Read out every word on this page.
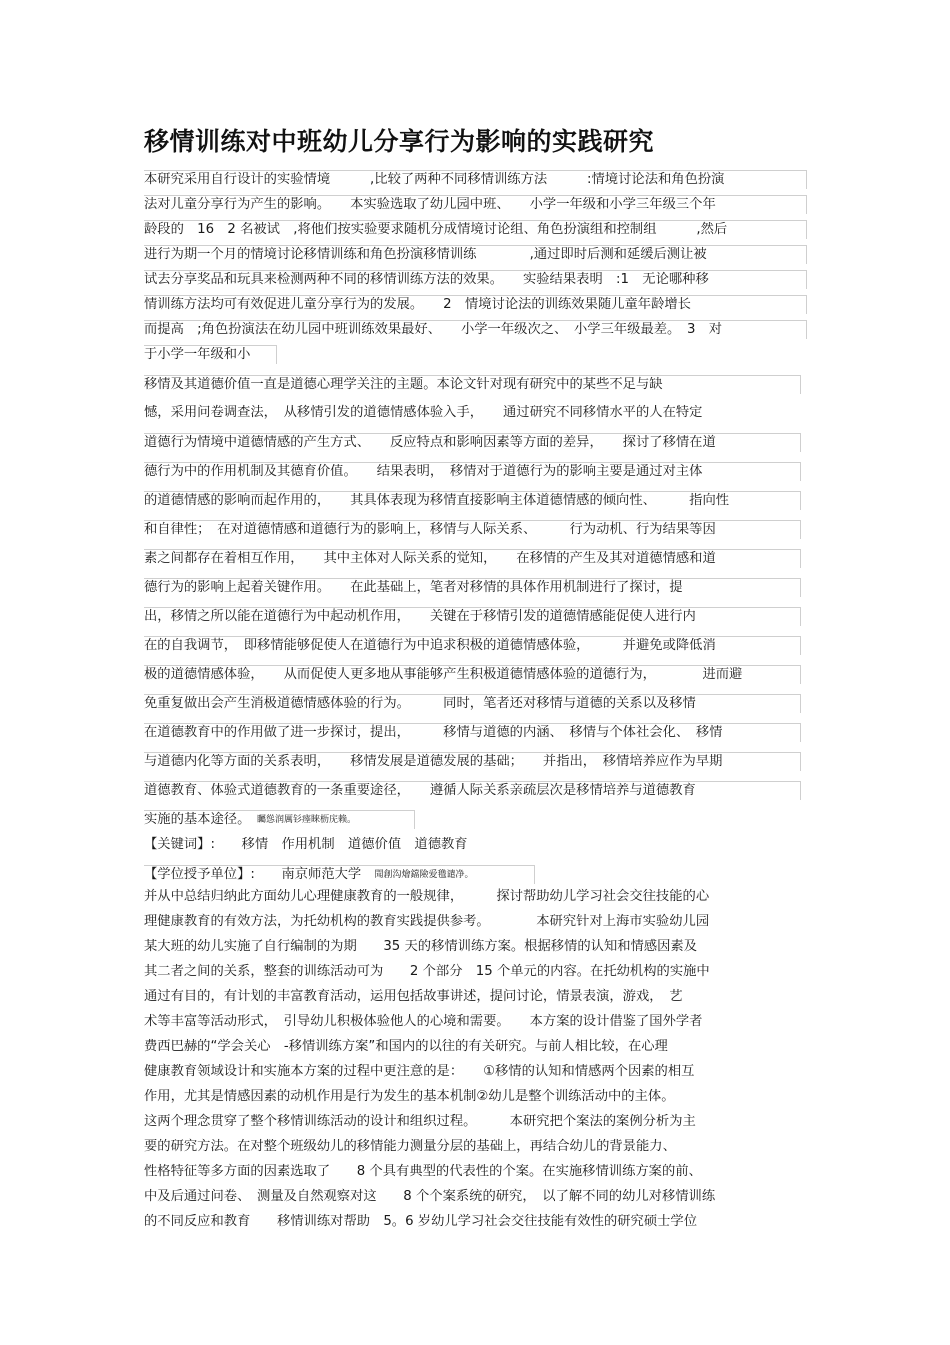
移情训练对中班幼儿分享行为影响的实践研究
本研究采用自行设计的实验情境　　　,比较了两种不同移情训练方法　　　:情境讨论法和角色扮演
法对儿童分享行为产生的影响。　　本实验选取了幼儿园中班、　　小学一年级和小学三年级三个年
龄段的　16　2 名被试　,将他们按实验要求随机分成情境讨论组、角色扮演组和控制组　　　,然后
进行为期一个月的情境讨论移情训练和角色扮演移情训练　　　　,通过即时后测和延缓后测让被
试去分享奖品和玩具来检测两种不同的移情训练方法的效果。　　实验结果表明　:1　无论哪种移
情训练方法均可有效促进儿童分享行为的发展。　　2　情境讨论法的训练效果随儿童年龄增长
而提高　;角色扮演法在幼儿园中班训练效果最好、　　小学一年级次之、　小学三年级最差。　3　对
于小学一年级和小
移情及其道德价值一直是道德心理学关注的主题。本论文针对现有研究中的某些不足与缺
憾，采用问卷调查法，　从移情引发的道德情感体验入手，　　通过研究不同移情水平的人在特定
道德行为情境中道德情感的产生方式、　　反应特点和影响因素等方面的差异，　　探讨了移情在道
德行为中的作用机制及其德育价值。　　结果表明，　移情对于道德行为的影响主要是通过对主体
的道德情感的影响而起作用的，　　其具体表现为移情直接影响主体道德情感的倾向性、　　　指向性
和自律性；　在对道德情感和道德行为的影响上，移情与人际关系、　　　行为动机、行为结果等因
素之间都存在着相互作用，　　其中主体对人际关系的觉知，　　在移情的产生及其对道德情感和道
德行为的影响上起着关键作用。　　在此基础上，笔者对移情的具体作用机制进行了探讨，提
出，移情之所以能在道德行为中起动机作用，　　关键在于移情引发的道德情感能促使人进行内
在的自我调节，　即移情能够促使人在道德行为中追求积极的道德情感体验，　　　并避免或降低消
极的道德情感体验，　　从而促使人更多地从事能够产生积极道德情感体验的道德行为，　　　　进而避
免重复做出会产生消极道德情感体验的行为。　　　同时，笔者还对移情与道德的关系以及移情
在道德教育中的作用做了进一步探讨，提出，　　　移情与道德的内涵、　移情与个体社会化、　移情
与道德内化等方面的关系表明，　　移情发展是道德发展的基础；　　并指出，　移情培养应作为早期
道德教育、体验式道德教育的一条重要途径，　　遵循人际关系亲疏层次是移情培养与道德教育
实施的基本途径。　 矚慫润厲钐瘗睞枥庑赖。
【关键词】:　　移情　作用机制　道德价值　道德教育
【学位授予单位】:　　南京师范大学　 聞創沟燴鐺險爱氇谴净。
并从中总结归纳此方面幼儿心理健康教育的一般规律，　　　探讨帮助幼儿学习社会交往技能的心
理健康教育的有效方法，为托幼机构的教育实践提供参考。　　　　本研究针对上海市实验幼儿园
某大班的幼儿实施了自行编制的为期　　35 天的移情训练方案。根据移情的认知和情感因素及
其二者之间的关系，整套的训练活动可为　　2 个部分　15 个单元的内容。在托幼机构的实施中
通过有目的，有计划的丰富教育活动，运用包括故事讲述，提问讨论，情景表演，游戏，　艺
术等丰富等活动形式，　引导幼儿积极体验他人的心境和需要。　　本方案的设计借鉴了国外学者
费西巴赫的“学会关心　-移情训练方案”和国内的以往的有关研究。与前人相比较，在心理
健康教育领域设计和实施本方案的过程中更注意的是：　　①移情的认知和情感两个因素的相互
作用，尤其是情感因素的动机作用是行为发生的基本机制②幼儿是整个训练活动中的主体。
这两个理念贯穿了整个移情训练活动的设计和组织过程。　　　本研究把个案法的案例分析为主
要的研究方法。在对整个班级幼儿的移情能力测量分层的基础上，再结合幼儿的背景能力、
性格特征等多方面的因素选取了　　8 个具有典型的代表性的个案。在实施移情训练方案的前、
中及后通过问卷、　测量及自然观察对这　　8 个个案系统的研究，　以了解不同的幼儿对移情训练
的不同反应和教育　　移情训练对帮助　5。6 岁幼儿学习社会交往技能有效性的研究硕士学位
